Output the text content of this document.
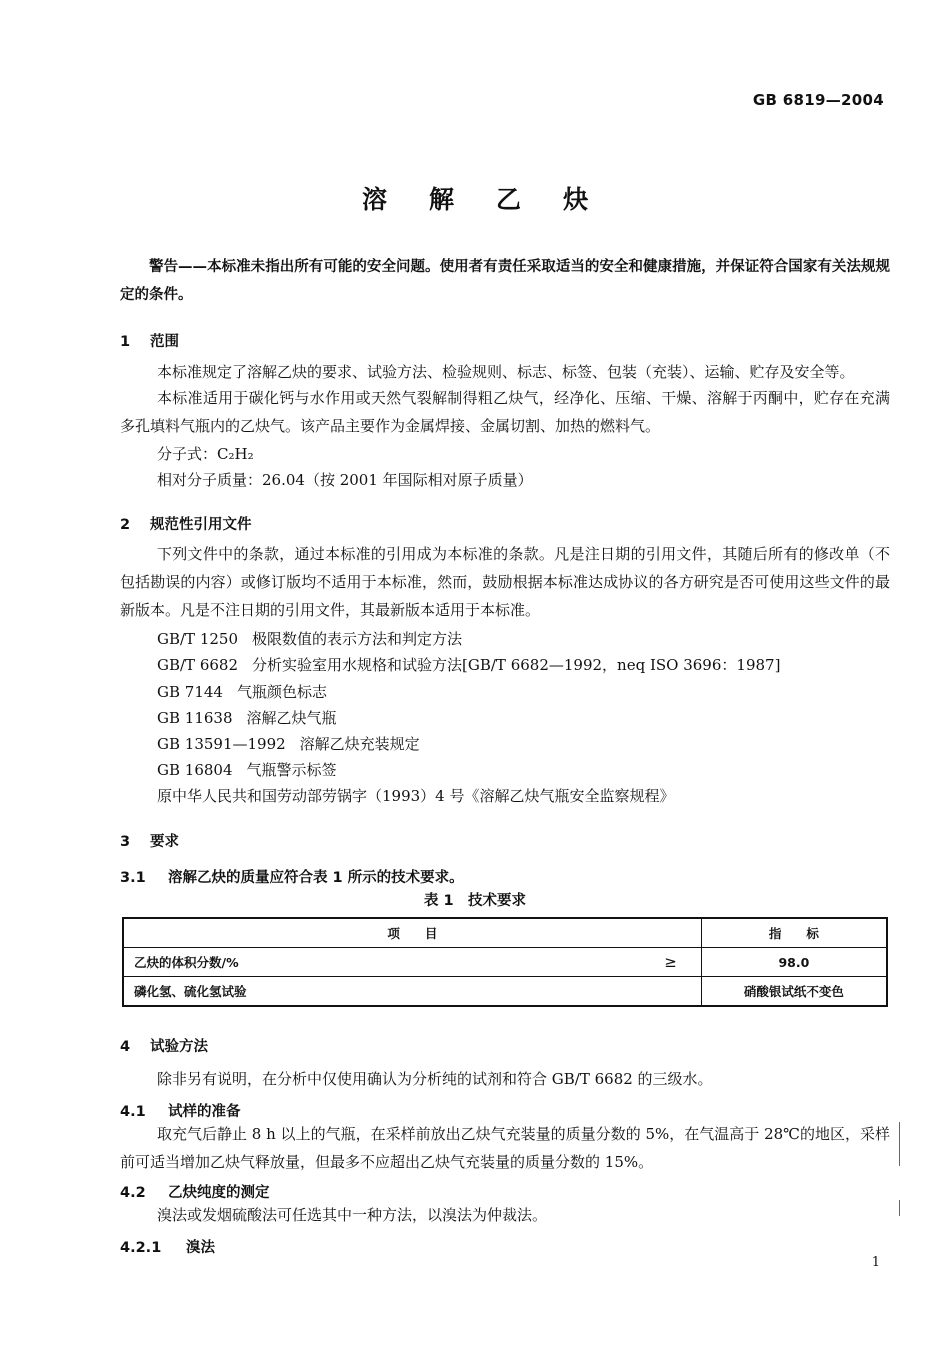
GB 6819—2004
溶解乙炔
警告——本标准未指出所有可能的安全问题。使用者有责任采取适当的安全和健康措施，并保证符合国家有关法规规定的条件。
1 范围
本标准规定了溶解乙炔的要求、试验方法、检验规则、标志、标签、包装（充装）、运输、贮存及安全等。
本标准适用于碳化钙与水作用或天然气裂解制得粗乙炔气，经净化、压缩、干燥、溶解于丙酮中，贮存在充满多孔填料气瓶内的乙炔气。该产品主要作为金属焊接、金属切割、加热的燃料气。
分子式：C₂H₂
相对分子质量：26.04（按 2001 年国际相对原子质量）
2 规范性引用文件
下列文件中的条款，通过本标准的引用成为本标准的条款。凡是注日期的引用文件，其随后所有的修改单（不包括勘误的内容）或修订版均不适用于本标准，然而，鼓励根据本标准达成协议的各方研究是否可使用这些文件的最新版本。凡是不注日期的引用文件，其最新版本适用于本标准。
GB/T 1250 极限数值的表示方法和判定方法
GB/T 6682 分析实验室用水规格和试验方法[GB/T 6682—1992，neq ISO 3696：1987]
GB 7144 气瓶颜色标志
GB 11638 溶解乙炔气瓶
GB 13591—1992 溶解乙炔充装规定
GB 16804 气瓶警示标签
原中华人民共和国劳动部劳锅字（1993）4 号《溶解乙炔气瓶安全监察规程》
3 要求
3.1 溶解乙炔的质量应符合表 1 所示的技术要求。
表 1　技术要求
项　　目	指　　标
乙炔的体积分数/% ≥	98.0
磷化氢、硫化氢试验	硝酸银试纸不变色
4 试验方法
除非另有说明，在分析中仅使用确认为分析纯的试剂和符合 GB/T 6682 的三级水。
4.1 试样的准备
取充气后静止 8 h 以上的气瓶，在采样前放出乙炔气充装量的质量分数的 5%，在气温高于 28℃的地区，采样前可适当增加乙炔气释放量，但最多不应超出乙炔气充装量的质量分数的 15%。
4.2 乙炔纯度的测定
溴法或发烟硫酸法可任选其中一种方法，以溴法为仲裁法。
4.2.1 溴法
1
